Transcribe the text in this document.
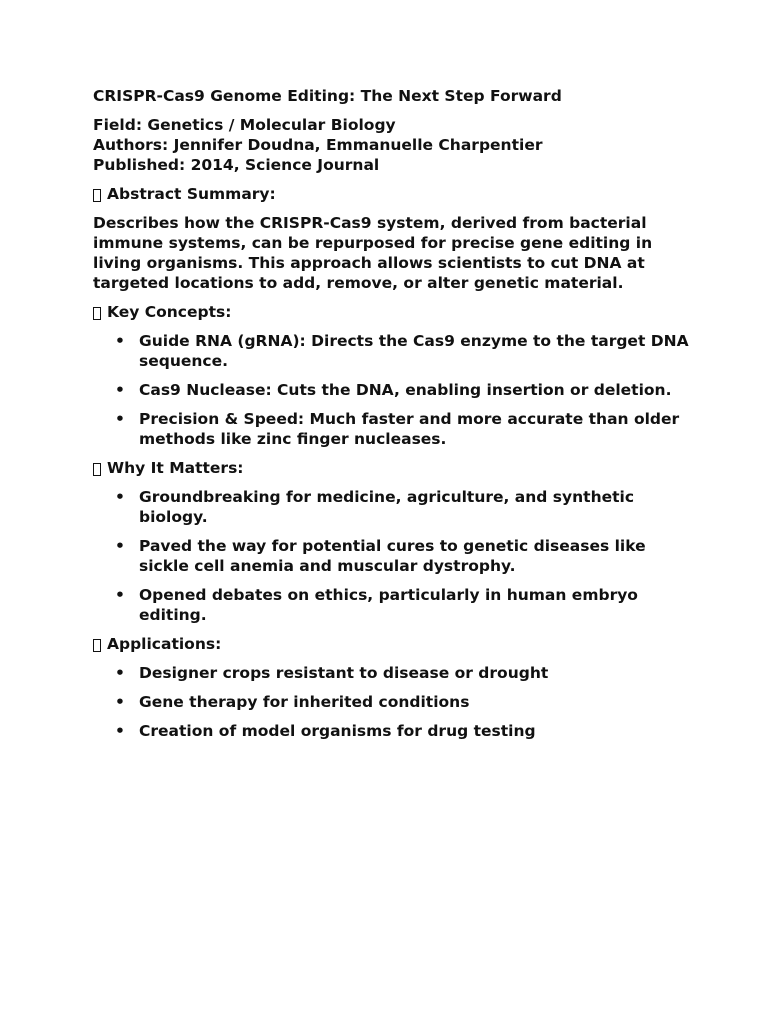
CRISPR-Cas9 Genome Editing: The Next Step Forward

Field: Genetics / Molecular Biology

Authors: Jennifer Doudna, Emmanuelle Charpentier

Published: 2014, Science Journal

Abstract Summary:

Describes how the CRISPR-Cas9 system, derived from bacterial immune systems, can be repurposed for precise gene editing in living organisms. This approach allows scientists to cut DNA at targeted locations to add, remove, or alter genetic material.

Key Concepts:

• Guide RNA (gRNA): Directs the Cas9 enzyme to the target DNA sequence.
• Cas9 Nuclease: Cuts the DNA, enabling insertion or deletion.
• Precision & Speed: Much faster and more accurate than older methods like zinc finger nucleases.

Why It Matters:

• Groundbreaking for medicine, agriculture, and synthetic biology.
• Paved the way for potential cures to genetic diseases like sickle cell anemia and muscular dystrophy.
• Opened debates on ethics, particularly in human embryo editing.

Applications:

• Designer crops resistant to disease or drought
• Gene therapy for inherited conditions
• Creation of model organisms for drug testing
